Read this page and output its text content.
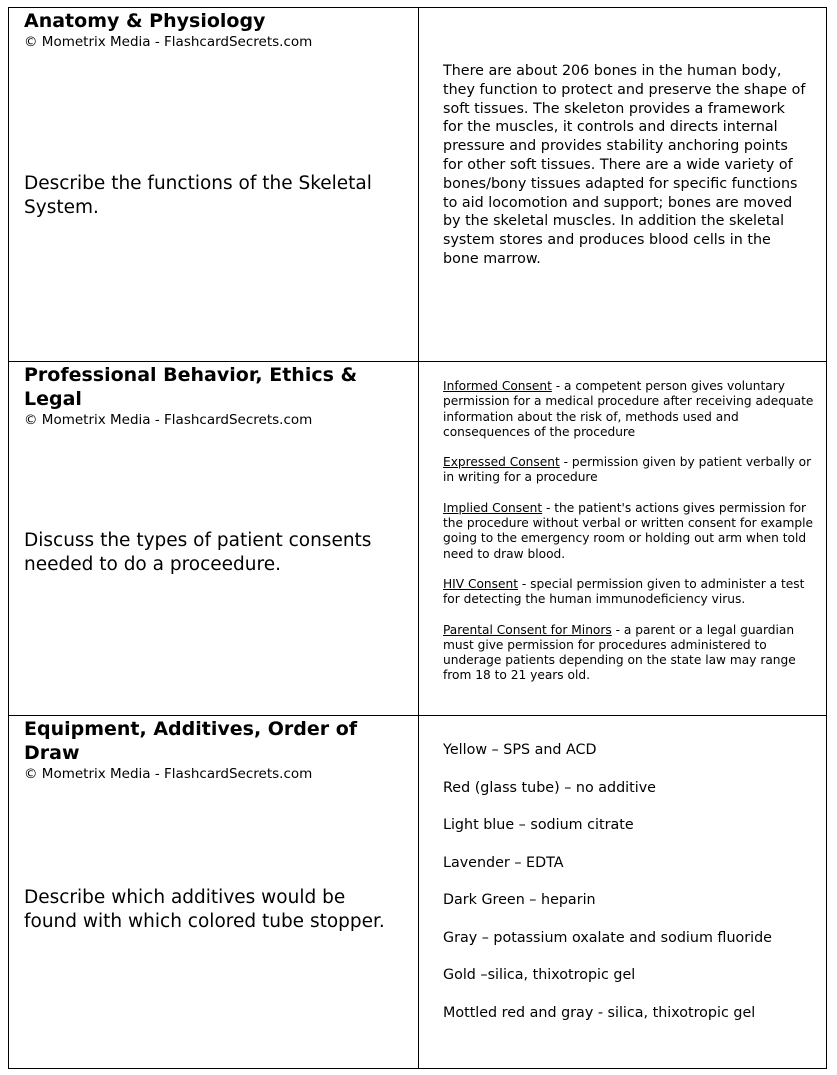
Anatomy & Physiology
© Mometrix Media - FlashcardSecrets.com
Describe the functions of the Skeletal System.
There are about 206 bones in the human body, they function to protect and preserve the shape of soft tissues. The skeleton provides a framework for the muscles, it controls and directs internal pressure and provides stability anchoring points for other soft tissues. There are a wide variety of bones/bony tissues adapted for specific functions to aid locomotion and support; bones are moved by the skeletal muscles. In addition the skeletal system stores and produces blood cells in the bone marrow.
Professional Behavior, Ethics & Legal
© Mometrix Media - FlashcardSecrets.com
Discuss the types of patient consents needed to do a proceedure.

Informed Consent - a competent person gives voluntary permission for a medical procedure after receiving adequate information about the risk of, methods used and consequences of the procedure

Expressed Consent - permission given by patient verbally or in writing for a procedure

Implied Consent - the patient's actions gives permission for the procedure without verbal or written consent for example going to the emergency room or holding out arm when told need to draw blood.

HIV Consent - special permission given to administer a test for detecting the human immunodeficiency virus.

Parental Consent for Minors - a parent or a legal guardian must give permission for procedures administered to underage patients depending on the state law may range from 18 to 21 years old.

Equipment, Additives, Order of Draw
© Mometrix Media - FlashcardSecrets.com
Describe which additives would be found with which colored tube stopper.
Yellow – SPS and ACD
Red (glass tube) – no additive
Light blue – sodium citrate
Lavender – EDTA
Dark Green – heparin
Gray – potassium oxalate and sodium fluoride
Gold –silica, thixotropic gel
Mottled red and gray - silica, thixotropic gel
